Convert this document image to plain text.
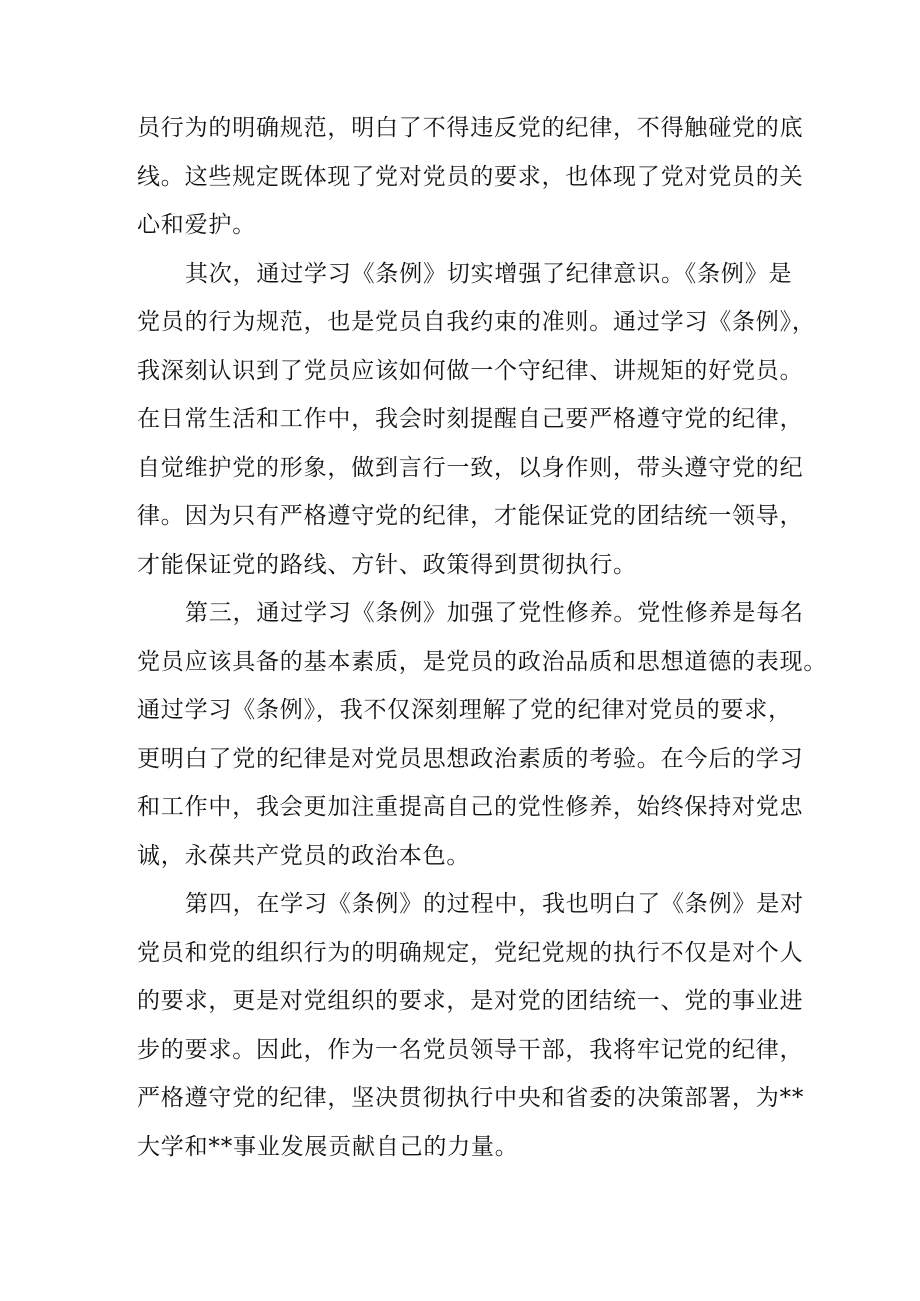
员行为的明确规范，明白了不得违反党的纪律，不得触碰党的底
线。这些规定既体现了党对党员的要求，也体现了党对党员的关
心和爱护。

其次，通过学习《条例》切实增强了纪律意识。《条例》是
党员的行为规范，也是党员自我约束的准则。通过学习《条例》，
我深刻认识到了党员应该如何做一个守纪律、讲规矩的好党员。
在日常生活和工作中，我会时刻提醒自己要严格遵守党的纪律，
自觉维护党的形象，做到言行一致，以身作则，带头遵守党的纪
律。因为只有严格遵守党的纪律，才能保证党的团结统一领导，
才能保证党的路线、方针、政策得到贯彻执行。

第三，通过学习《条例》加强了党性修养。党性修养是每名
党员应该具备的基本素质，是党员的政治品质和思想道德的表现。
通过学习《条例》，我不仅深刻理解了党的纪律对党员的要求，
更明白了党的纪律是对党员思想政治素质的考验。在今后的学习
和工作中，我会更加注重提高自己的党性修养，始终保持对党忠
诚，永葆共产党员的政治本色。

第四，在学习《条例》的过程中，我也明白了《条例》是对
党员和党的组织行为的明确规定，党纪党规的执行不仅是对个人
的要求，更是对党组织的要求，是对党的团结统一、党的事业进
步的要求。因此，作为一名党员领导干部，我将牢记党的纪律，
严格遵守党的纪律，坚决贯彻执行中央和省委的决策部署，为**
大学和**事业发展贡献自己的力量。
